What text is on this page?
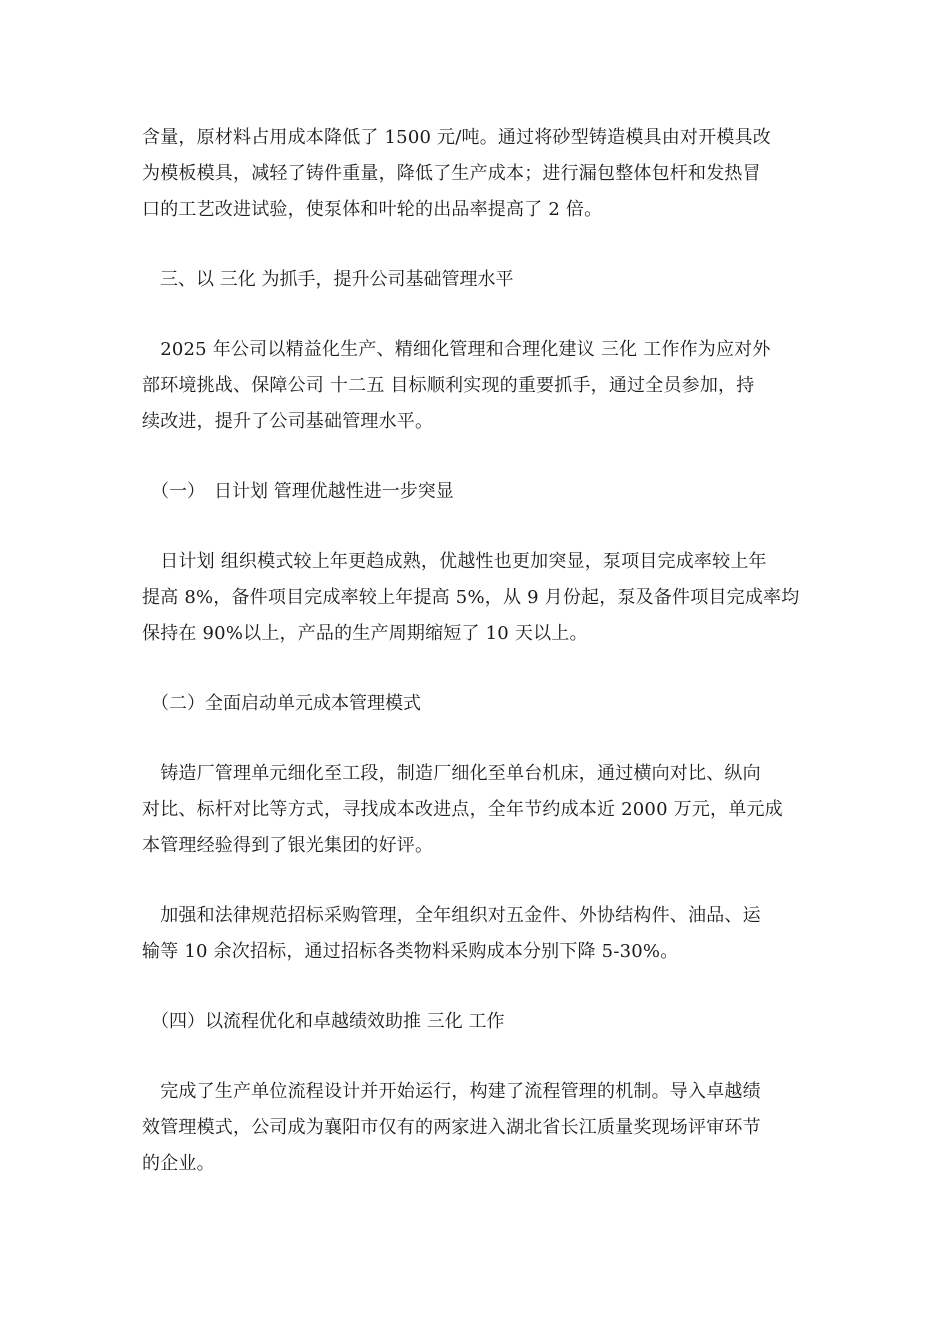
含量，原材料占用成本降低了 1500 元/吨。通过将砂型铸造模具由对开模具改
为模板模具，减轻了铸件重量，降低了生产成本；进行漏包整体包杆和发热冒
口的工艺改进试验，使泵体和叶轮的出品率提高了 2 倍。

　三、以 三化 为抓手，提升公司基础管理水平

　2025 年公司以精益化生产、精细化管理和合理化建议 三化 工作作为应对外
部环境挑战、保障公司 十二五 目标顺利实现的重要抓手，通过全员参加，持
续改进，提升了公司基础管理水平。

　（一）　日计划 管理优越性进一步突显

　日计划 组织模式较上年更趋成熟，优越性也更加突显，泵项目完成率较上年
提高 8%，备件项目完成率较上年提高 5%，从 9 月份起，泵及备件项目完成率均
保持在 90%以上，产品的生产周期缩短了 10 天以上。

　（二）全面启动单元成本管理模式

　铸造厂管理单元细化至工段，制造厂细化至单台机床，通过横向对比、纵向
对比、标杆对比等方式，寻找成本改进点，全年节约成本近 2000 万元，单元成
本管理经验得到了银光集团的好评。

　加强和法律规范招标采购管理，全年组织对五金件、外协结构件、油品、运
输等 10 余次招标，通过招标各类物料采购成本分别下降 5-30%。

　（四）以流程优化和卓越绩效助推 三化 工作

　完成了生产单位流程设计并开始运行，构建了流程管理的机制。导入卓越绩
效管理模式，公司成为襄阳市仅有的两家进入湖北省长江质量奖现场评审环节
的企业。
